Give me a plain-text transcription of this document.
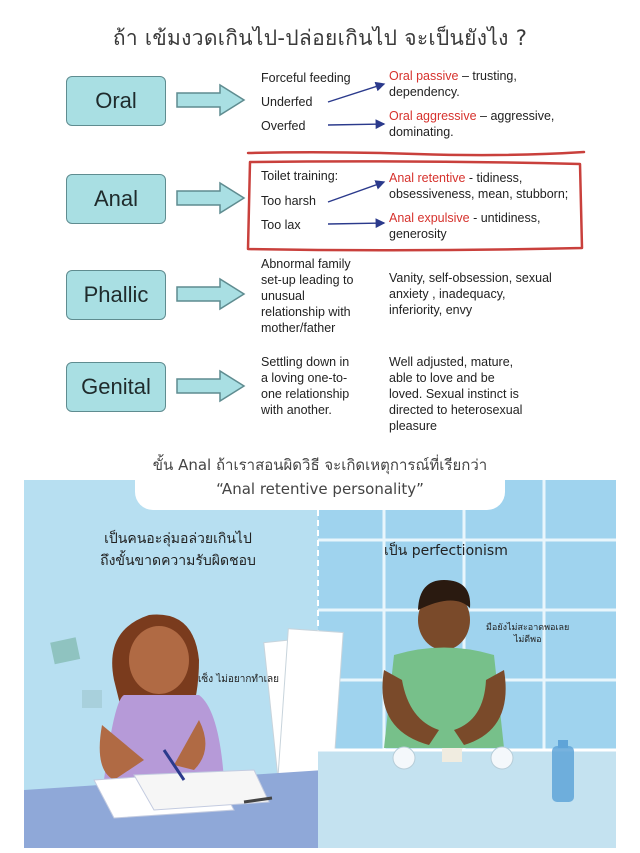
ถ้า เข้มงวดเกินไป-ปล่อยเกินไป จะเป็นยังไง ?
Oral
Forceful feeding
Underfed
Overfed
Oral passive – trusting,
dependency.
Oral aggressive – aggressive,
dominating.
Anal
Toilet training:
Too harsh
Too lax
Anal retentive - tidiness,
obsessiveness, mean, stubborn;
Anal expulsive - untidiness,
generosity
Phallic
Abnormal family
set-up leading to
unusual
relationship with
mother/father
Vanity, self-obsession, sexual
anxiety , inadequacy,
inferiority, envy
Genital
Settling down in
a loving one-to-
one relationship
with another.
Well adjusted, mature,
able to love and be
loved. Sexual instinct is
directed to heterosexual
pleasure
ขั้น Anal ถ้าเราสอนผิดวิธี จะเกิดเหตุการณ์ที่เรียกว่า
“Anal retentive personality”
เป็นคนอะลุ่มอล่วยเกินไป
ถึงขั้นขาดความรับผิดชอบ
เซ็ง ไม่อยากทำเลย
เป็น perfectionism
มือยังไม่สะอาดพอเลย
ไม่ดีพอ
